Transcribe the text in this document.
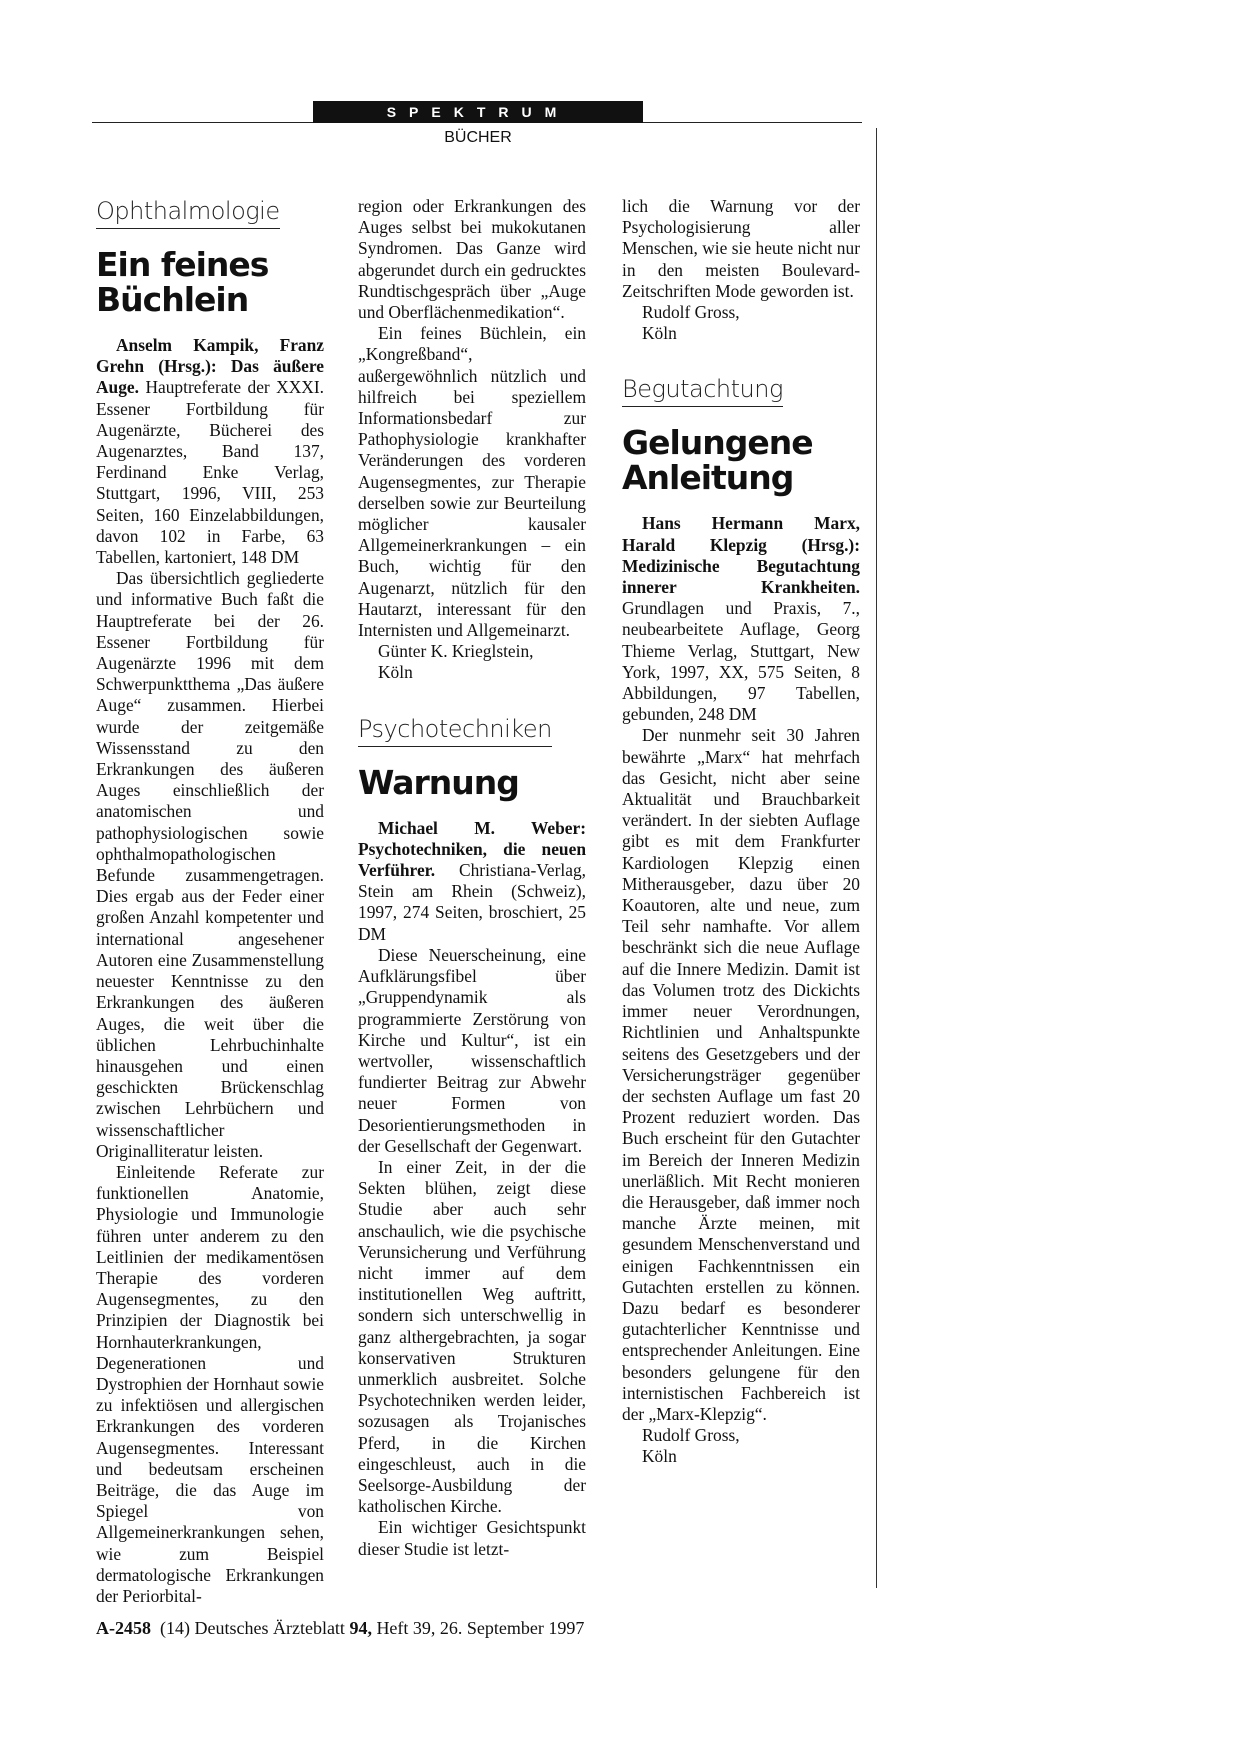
SPEKTRUM
BÜCHER

Ophthalmologie

Ein feines Büchlein

Anselm Kampik, Franz Grehn (Hrsg.): Das äußere Auge. Hauptreferate der XXXI. Essener Fortbildung für Augenärzte, Bücherei des Augenarztes, Band 137, Ferdinand Enke Verlag, Stuttgart, 1996, VIII, 253 Seiten, 160 Einzelabbildungen, davon 102 in Farbe, 63 Tabellen, kartoniert, 148 DM

Das übersichtlich gegliederte und informative Buch faßt die Hauptreferate bei der 26. Essener Fortbildung für Augenärzte 1996 mit dem Schwerpunktthema „Das äußere Auge“ zusammen. Hierbei wurde der zeitgemäße Wissensstand zu den Erkrankungen des äußeren Auges einschließlich der anatomischen und pathophysiologischen sowie ophthalmopathologischen Befunde zusammengetragen. Dies ergab aus der Feder einer großen Anzahl kompetenter und international angesehener Autoren eine Zusammenstellung neuester Kenntnisse zu den Erkrankungen des äußeren Auges, die weit über die üblichen Lehrbuchinhalte hinausgehen und einen geschickten Brückenschlag zwischen Lehrbüchern und wissenschaftlicher Originalliteratur leisten.

Einleitende Referate zur funktionellen Anatomie, Physiologie und Immunologie führen unter anderem zu den Leitlinien der medikamentösen Therapie des vorderen Augensegmentes, zu den Prinzipien der Diagnostik bei Hornhauterkrankungen, Degenerationen und Dystrophien der Hornhaut sowie zu infektiösen und allergischen Erkrankungen des vorderen Augensegmentes. Interessant und bedeutsam erscheinen Beiträge, die das Auge im Spiegel von Allgemeinerkrankungen sehen, wie zum Beispiel dermatologische Erkrankungen der Periorbital-

region oder Erkrankungen des Auges selbst bei mukokutanen Syndromen. Das Ganze wird abgerundet durch ein gedrucktes Rundtischgespräch über „Auge und Oberflächenmedikation“.

Ein feines Büchlein, ein „Kongreßband“, außergewöhnlich nützlich und hilfreich bei speziellem Informationsbedarf zur Pathophysiologie krankhafter Veränderungen des vorderen Augensegmentes, zur Therapie derselben sowie zur Beurteilung möglicher kausaler Allgemeinerkrankungen – ein Buch, wichtig für den Augenarzt, nützlich für den Hautarzt, interessant für den Internisten und Allgemeinarzt.

Günter K. Krieglstein,

Köln

Psychotechniken

Warnung

Michael M. Weber: Psychotechniken, die neuen Verführer. Christiana-Verlag, Stein am Rhein (Schweiz), 1997, 274 Seiten, broschiert, 25 DM

Diese Neuerscheinung, eine Aufklärungsfibel über „Gruppendynamik als programmierte Zerstörung von Kirche und Kultur“, ist ein wertvoller, wissenschaftlich fundierter Beitrag zur Abwehr neuer Formen von Desorientierungsmethoden in der Gesellschaft der Gegenwart.

In einer Zeit, in der die Sekten blühen, zeigt diese Studie aber auch sehr anschaulich, wie die psychische Verunsicherung und Verführung nicht immer auf dem institutionellen Weg auftritt, sondern sich unterschwellig in ganz althergebrachten, ja sogar konservativen Strukturen unmerklich ausbreitet. Solche Psychotechniken werden leider, sozusagen als Trojanisches Pferd, in die Kirchen eingeschleust, auch in die Seelsorge-Ausbildung der katholischen Kirche.

Ein wichtiger Gesichtspunkt dieser Studie ist letzt-

lich die Warnung vor der Psychologisierung aller Menschen, wie sie heute nicht nur in den meisten Boulevard-Zeitschriften Mode geworden ist.

Rudolf Gross,

Köln

Begutachtung

Gelungene Anleitung

Hans Hermann Marx, Harald Klepzig (Hrsg.): Medizinische Begutachtung innerer Krankheiten. Grundlagen und Praxis, 7., neubearbeitete Auflage, Georg Thieme Verlag, Stuttgart, New York, 1997, XX, 575 Seiten, 8 Abbildungen, 97 Tabellen, gebunden, 248 DM

Der nunmehr seit 30 Jahren bewährte „Marx“ hat mehrfach das Gesicht, nicht aber seine Aktualität und Brauchbarkeit verändert. In der siebten Auflage gibt es mit dem Frankfurter Kardiologen Klepzig einen Mitherausgeber, dazu über 20 Koautoren, alte und neue, zum Teil sehr namhafte. Vor allem beschränkt sich die neue Auflage auf die Innere Medizin. Damit ist das Volumen trotz des Dickichts immer neuer Verordnungen, Richtlinien und Anhaltspunkte seitens des Gesetzgebers und der Versicherungsträger gegenüber der sechsten Auflage um fast 20 Prozent reduziert worden. Das Buch erscheint für den Gutachter im Bereich der Inneren Medizin unerläßlich. Mit Recht monieren die Herausgeber, daß immer noch manche Ärzte meinen, mit gesundem Menschenverstand und einigen Fachkenntnissen ein Gutachten erstellen zu können. Dazu bedarf es besonderer gutachterlicher Kenntnisse und entsprechender Anleitungen. Eine besonders gelungene für den internistischen Fachbereich ist der „Marx-Klepzig“.

Rudolf Gross,

Köln

A-2458 (14) Deutsches Ärzteblatt 94, Heft 39, 26. September 1997
